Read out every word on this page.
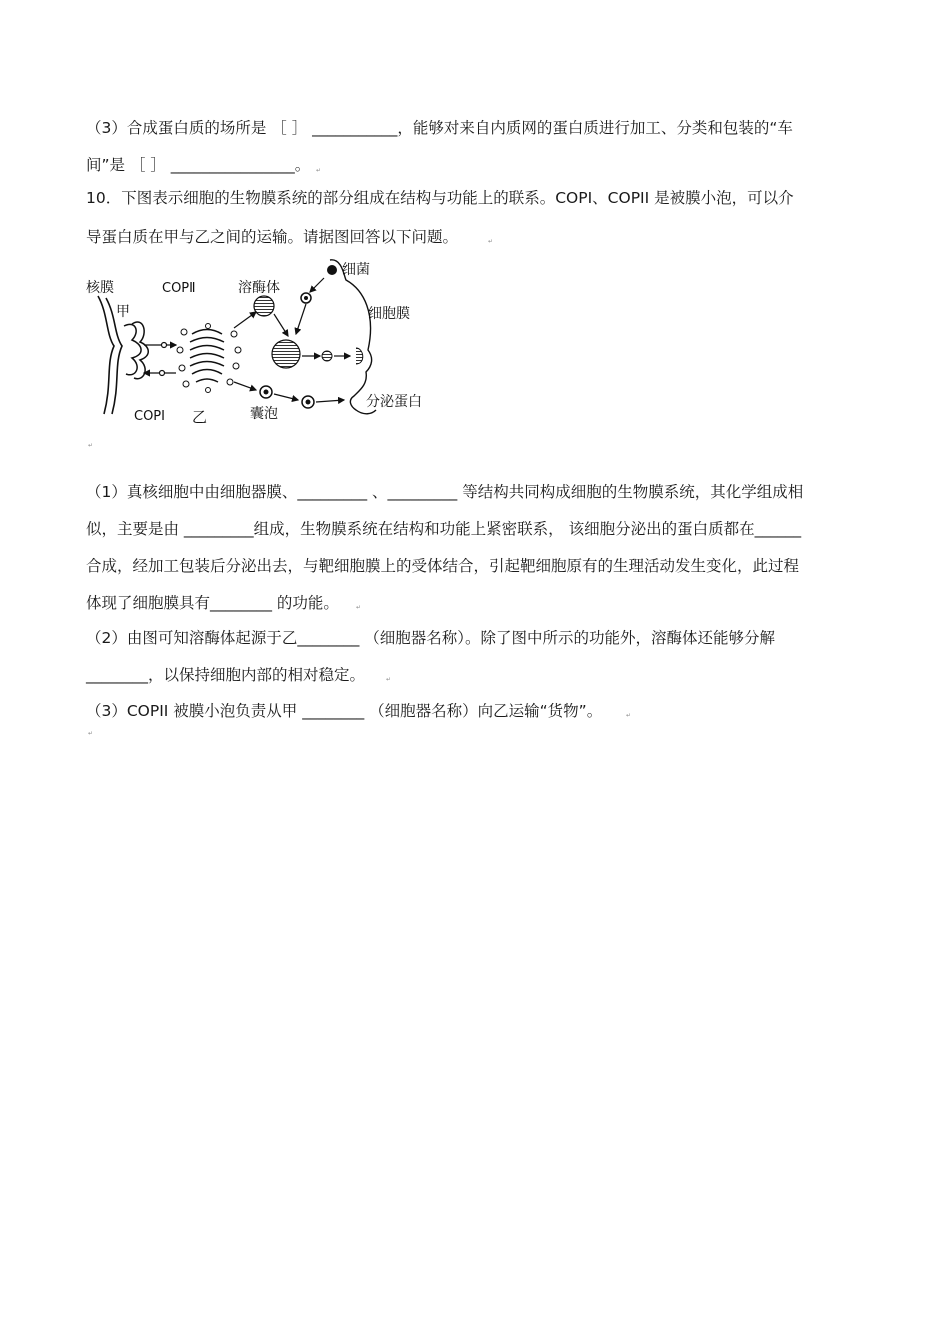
（3）合成蛋白质的场所是 ［ ］ ___________，能够对来自内质网的蛋白质进行加工、分类和包装的“车
间”是 ［ ］ ________________。 ↵
10．下图表示细胞的生物膜系统的部分组成在结构与功能上的联系。COPI、COPII 是被膜小泡，可以介
导蛋白质在甲与乙之间的运输。请据图回答以下问题。	↵
核膜
甲
COPⅡ
COPⅠ 乙
溶酶体
细菌
细胞膜
囊泡
分泌蛋白
↵
（1）真核细胞中由细胞器膜、_________ 、_________ 等结构共同构成细胞的生物膜系统，其化学组成相
似，主要是由 _________组成，生物膜系统在结构和功能上紧密联系， 该细胞分泌出的蛋白质都在______
合成，经加工包装后分泌出去，与靶细胞膜上的受体结合，引起靶细胞原有的生理活动发生变化，此过程
体现了细胞膜具有________ 的功能。	↵
（2）由图可知溶酶体起源于乙________ （细胞器名称）。除了图中所示的功能外，溶酶体还能够分解
________，以保持细胞内部的相对稳定。	↵
（3）COPII 被膜小泡负责从甲 ________ （细胞器名称）向乙运输“货物”。	↵
↵
